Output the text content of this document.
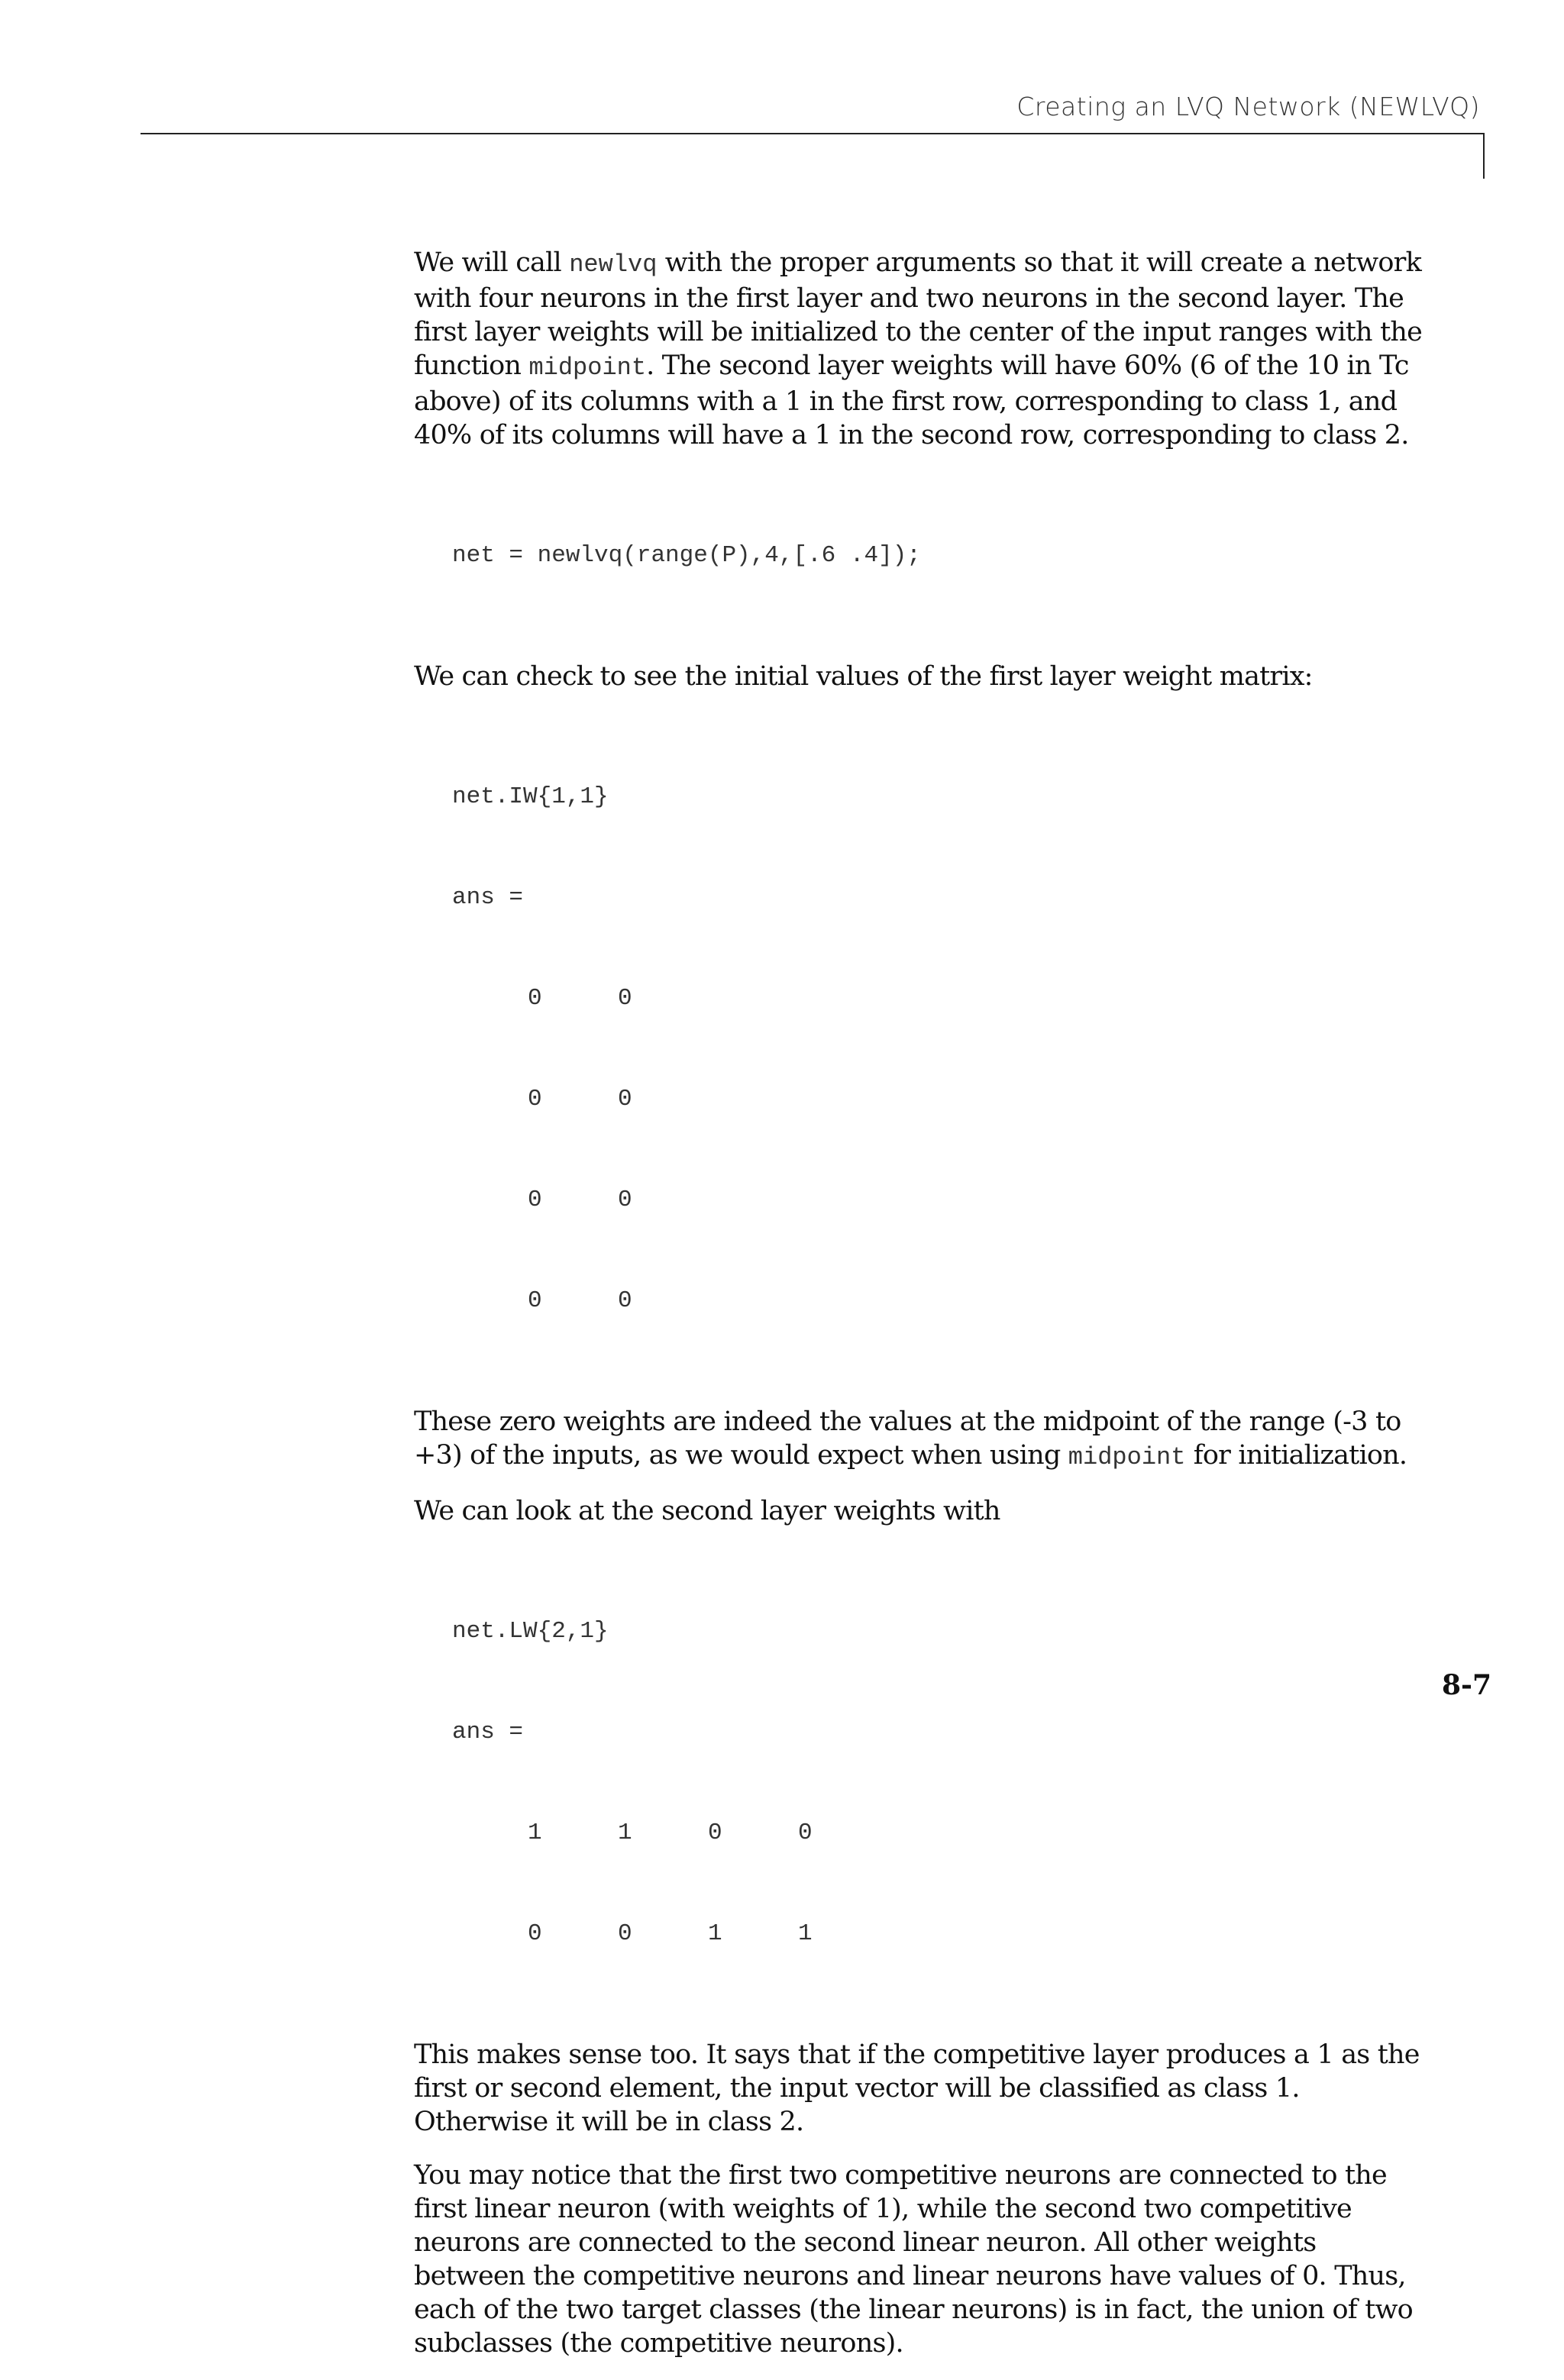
Creating an LVQ Network (NEWLVQ)

We will call newlvq with the proper arguments so that it will create a network with four neurons in the first layer and two neurons in the second layer. The first layer weights will be initialized to the center of the input ranges with the function midpoint. The second layer weights will have 60% (6 of the 10 in Tc above) of its columns with a 1 in the first row, corresponding to class 1, and 40% of its columns will have a 1 in the second row, corresponding to class 2.

net = newlvq(range(P),4,[.6 .4]);

We can check to see the initial values of the first layer weight matrix:

net.IW{1,1}

ans =

0	0

0	0

0	0

0	0

These zero weights are indeed the values at the midpoint of the range (-3 to +3) of the inputs, as we would expect when using midpoint for initialization.

We can look at the second layer weights with

net.LW{2,1}

ans =

1	1	0	0

0	0	1	1

This makes sense too. It says that if the competitive layer produces a 1 as the first or second element, the input vector will be classified as class 1. Otherwise it will be in class 2.

You may notice that the first two competitive neurons are connected to the first linear neuron (with weights of 1), while the second two competitive neurons are connected to the second linear neuron. All other weights between the competitive neurons and linear neurons have values of 0. Thus, each of the two target classes (the linear neurons) is in fact, the union of two subclasses (the competitive neurons).

8-7
